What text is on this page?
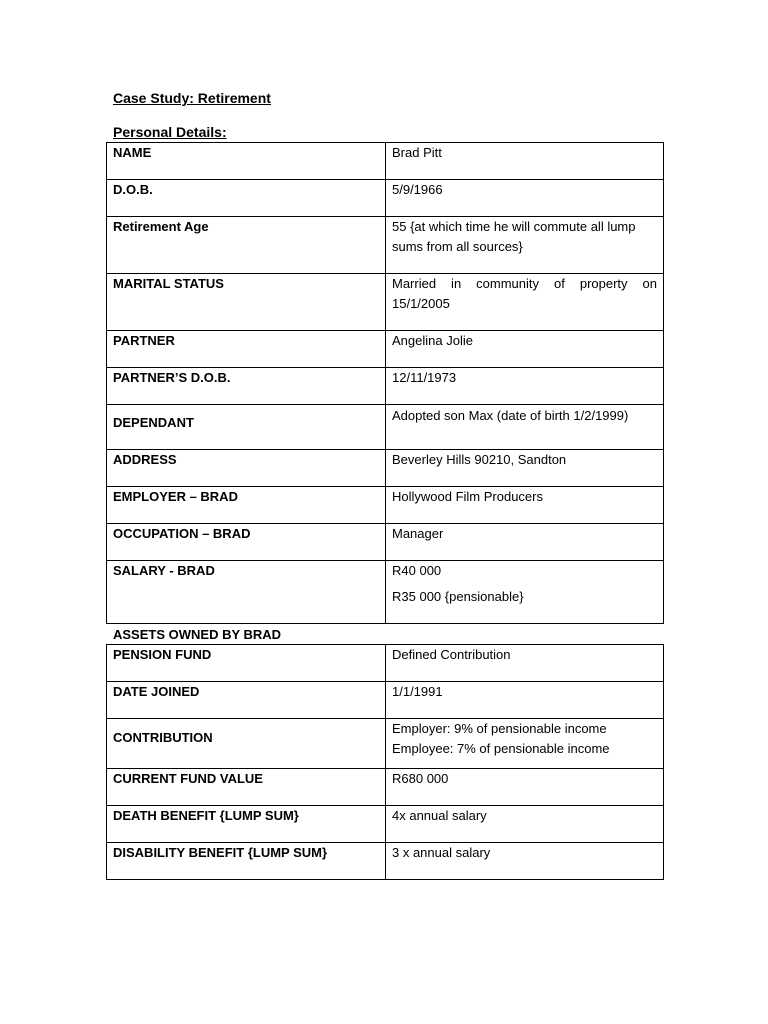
Case Study: Retirement
Personal Details:
NAME	Brad Pitt
D.O.B.	5/9/1966
Retirement Age	55 {at which time he will commute all lump sums from all sources}
MARITAL STATUS	Married in community of property on 15/1/2005
PARTNER	Angelina Jolie
PARTNER’S D.O.B.	12/11/1973
DEPENDANT	Adopted son Max (date of birth 1/2/1999)
ADDRESS	Beverley Hills 90210, Sandton
EMPLOYER – BRAD	Hollywood Film Producers
OCCUPATION – BRAD	Manager
SALARY - BRAD	R40 000
R35 000 {pensionable}
ASSETS OWNED BY BRAD
PENSION FUND	Defined Contribution
DATE JOINED	1/1/1991
CONTRIBUTION	Employer: 9% of pensionable income
Employee: 7% of pensionable income

CURRENT FUND VALUE	R680 000
DEATH BENEFIT {LUMP SUM}	4x annual salary
DISABILITY BENEFIT {LUMP SUM}	3 x annual salary
